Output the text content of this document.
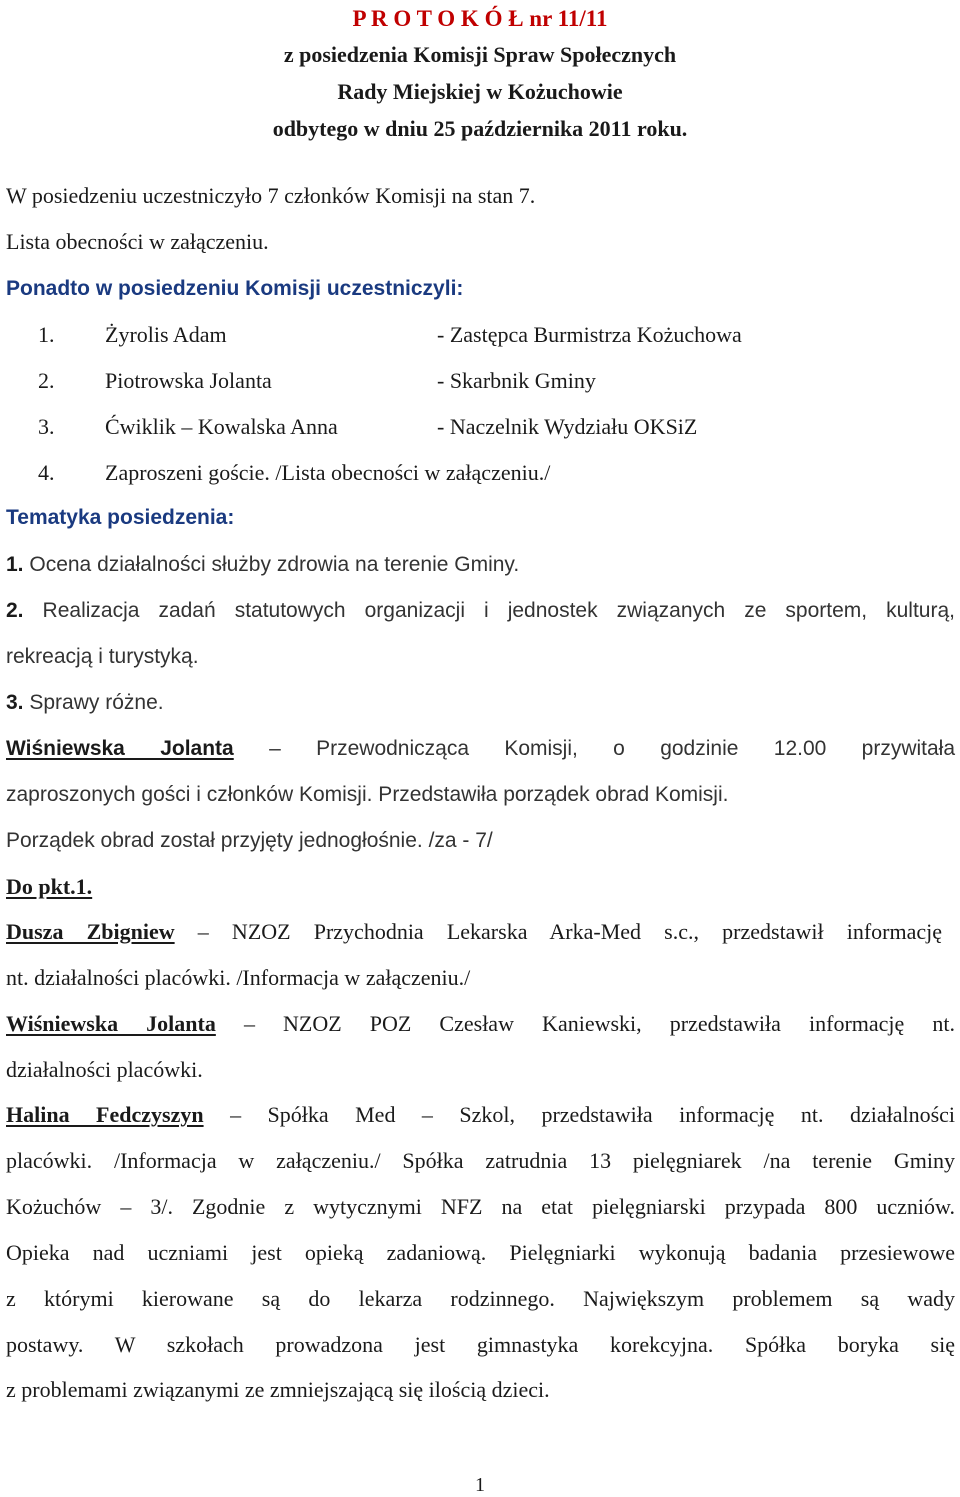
P R O T O K Ó Ł nr 11/11
z posiedzenia Komisji Spraw Społecznych
Rady Miejskiej w Kożuchowie
odbytego w dniu 25 października 2011 roku.
W posiedzeniu uczestniczyło 7 członków Komisji na stan 7.
Lista obecności w załączeniu.
Ponadto w posiedzeniu Komisji uczestniczyli:
1. Żyrolis Adam	- Zastępca Burmistrza Kożuchowa
2. Piotrowska Jolanta	- Skarbnik Gminy
3. Ćwiklik – Kowalska Anna	- Naczelnik Wydziału OKSiZ
4. Zaproszeni goście. /Lista obecności w załączeniu./
Tematyka posiedzenia:
1. Ocena działalności służby zdrowia na terenie Gminy.
2. Realizacja zadań statutowych organizacji i jednostek związanych ze sportem, kulturą,
rekreacją i turystyką.
3. Sprawy różne.
Wiśniewska Jolanta – Przewodnicząca Komisji, o godzinie 12.00 przywitała
zaproszonych gości i członków Komisji. Przedstawiła porządek obrad Komisji.
Porządek obrad został przyjęty jednogłośnie. /za - 7/
Do pkt.1.
Dusza Zbigniew – NZOZ Przychodnia Lekarska Arka-Med s.c., przedstawił informację
nt. działalności placówki. /Informacja w załączeniu./
Wiśniewska Jolanta – NZOZ POZ Czesław Kaniewski, przedstawiła informację nt.
działalności placówki.
Halina Fedczyszyn – Spółka Med – Szkol, przedstawiła informację nt. działalności
placówki. /Informacja w załączeniu./ Spółka zatrudnia 13 pielęgniarek /na terenie Gminy
Kożuchów – 3/. Zgodnie z wytycznymi NFZ na etat pielęgniarski przypada 800 uczniów.
Opieka nad uczniami jest opieką zadaniową. Pielęgniarki wykonują badania przesiewowe
z którymi kierowane są do lekarza rodzinnego. Największym problemem są wady
postawy. W szkołach prowadzona jest gimnastyka korekcyjna. Spółka boryka się
z problemami związanymi ze zmniejszającą się ilością dzieci.
1
